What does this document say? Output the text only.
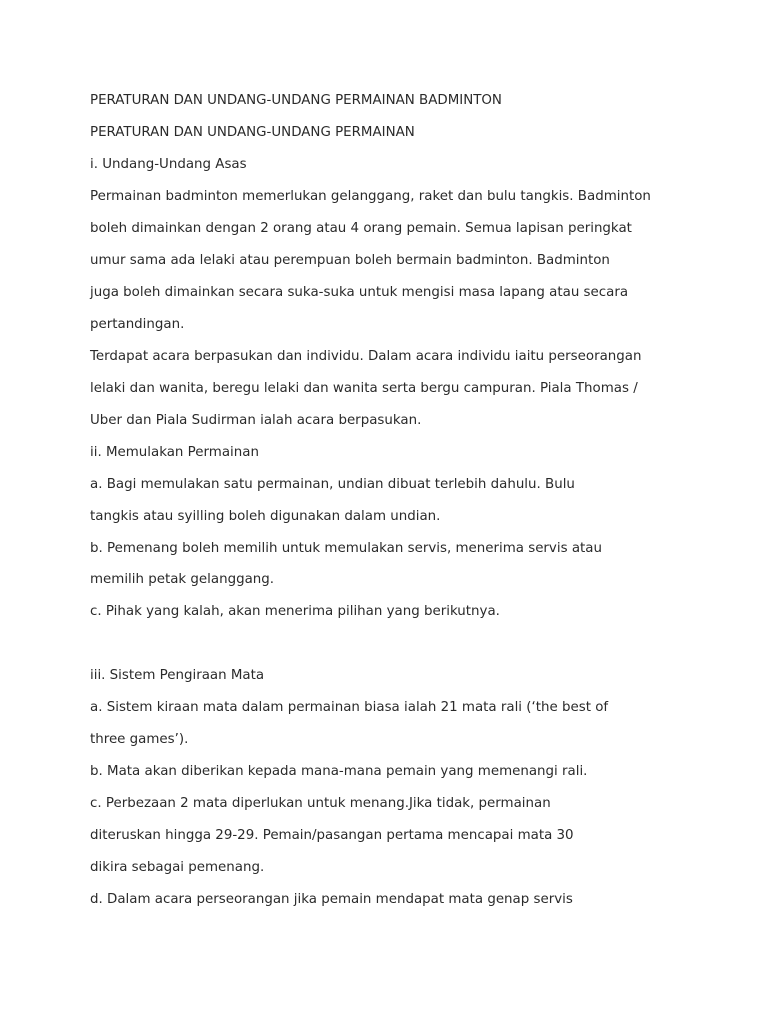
PERATURAN DAN UNDANG-UNDANG PERMAINAN BADMINTON

PERATURAN DAN UNDANG-UNDANG PERMAINAN

i. Undang-Undang Asas

Permainan badminton memerlukan gelanggang, raket dan bulu tangkis. Badminton

boleh dimainkan dengan 2 orang atau 4 orang pemain. Semua lapisan peringkat

umur sama ada lelaki atau perempuan boleh bermain badminton. Badminton

juga boleh dimainkan secara suka-suka untuk mengisi masa lapang atau secara

pertandingan.

Terdapat acara berpasukan dan individu. Dalam acara individu iaitu perseorangan

lelaki dan wanita, beregu lelaki dan wanita serta bergu campuran. Piala Thomas /

Uber dan Piala Sudirman ialah acara berpasukan.

ii. Memulakan Permainan

a. Bagi memulakan satu permainan, undian dibuat terlebih dahulu. Bulu

tangkis atau syilling boleh digunakan dalam undian.

b. Pemenang boleh memilih untuk memulakan servis, menerima servis atau

memilih petak gelanggang.

c. Pihak yang kalah, akan menerima pilihan yang berikutnya.

iii. Sistem Pengiraan Mata

a. Sistem kiraan mata dalam permainan biasa ialah 21 mata rali (‘the best of

three games’).

b. Mata akan diberikan kepada mana-mana pemain yang memenangi rali.

c. Perbezaan 2 mata diperlukan untuk menang.Jika tidak, permainan

diteruskan hingga 29-29. Pemain/pasangan pertama mencapai mata 30

dikira sebagai pemenang.

d. Dalam acara perseorangan jika pemain mendapat mata genap servis
